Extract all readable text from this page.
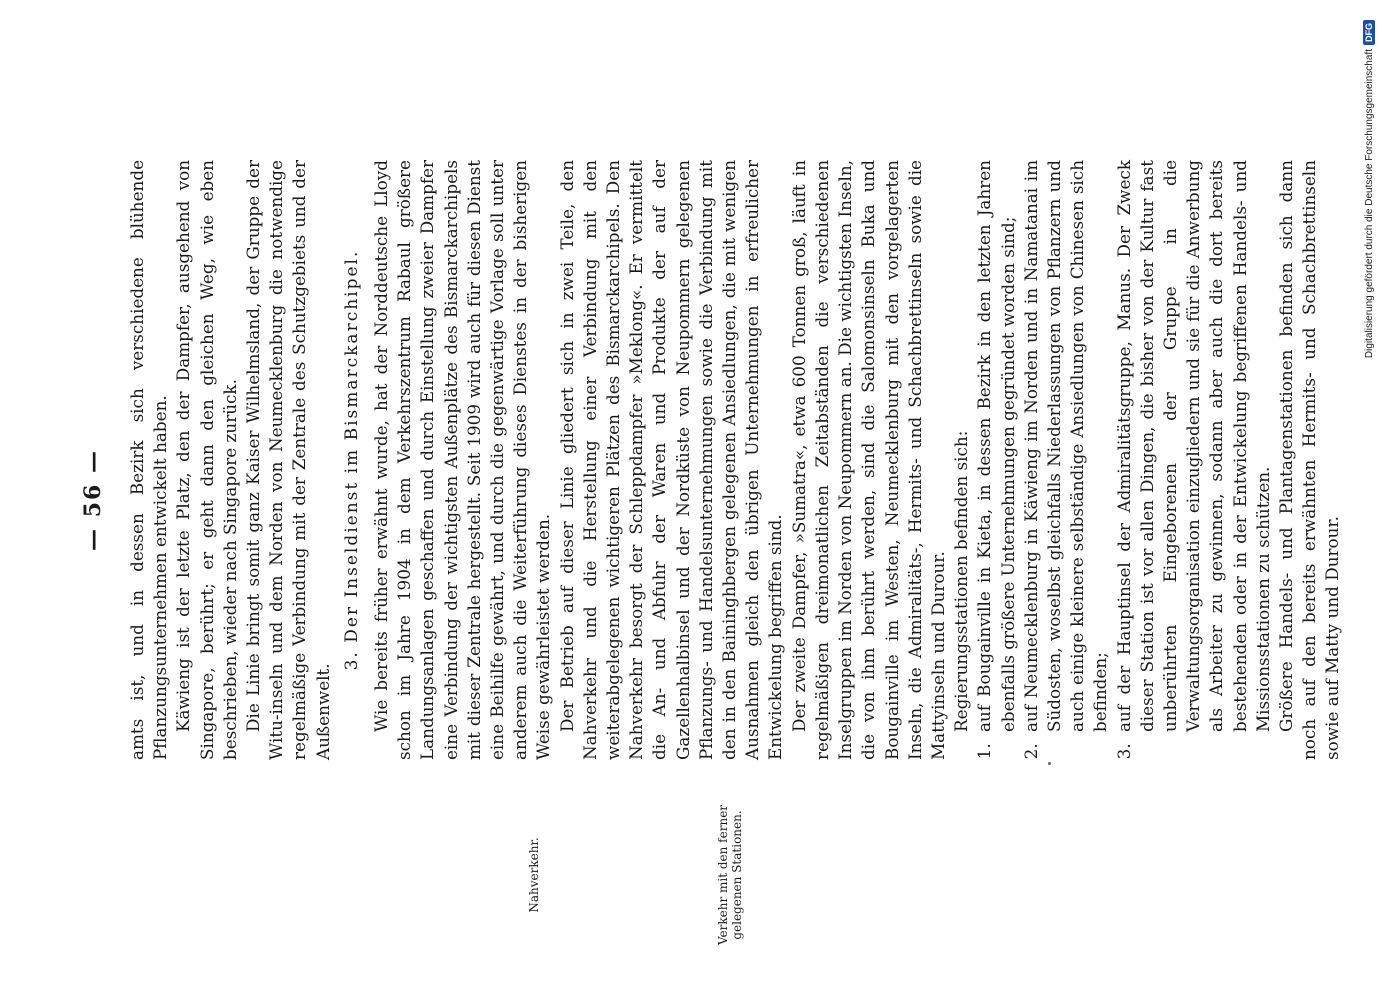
— 56 —
Nahverkehr.	Verkehr mit den ferner gelegenen Stationen.

amts ist, und in dessen Bezirk sich verschiedene blühende Pflanzungsunternehmen entwickelt haben. Käwieng ist der letzte Platz, den der Dampfer, ausgehend von Singapore, berührt; er geht dann den gleichen Weg, wie eben beschrieben, wieder nach Singapore zurück. Die Linie bringt somit ganz Kaiser Wilhelmsland, der Gruppe der Witu-inseln und dem Norden von Neumecklenburg die notwendige regelmäßige Verbindung mit der Zentrale des Schutzgebiets und der Außenwelt.

3. Der Inseldienst im Bismarckarchipel. Wie bereits früher erwähnt wurde, hat der Norddeutsche Lloyd schon im Jahre 1904 in dem Verkehrszentrum Rabaul größere Landungsanlagen geschaffen und durch Einstellung zweier Dampfer eine Verbindung der wichtigsten Außenplätze des Bismarckarchipels mit dieser Zentrale hergestellt. Seit 1909 wird auch für diesen Dienst eine Beihilfe gewährt, und durch die gegenwärtige Vorlage soll unter anderem auch die Weiterführung dieses Dienstes in der bisherigen Weise gewährleistet werden. Der Betrieb auf dieser Linie gliedert sich in zwei Teile, den Nahverkehr und die Herstellung einer Verbindung mit den weiterabgelegenen wichtigeren Plätzen des Bismarckarchipels. Den Nahverkehr besorgt der Schleppdampfer »Meklong«. Er vermittelt die An- und Abfuhr der Waren und Produkte der auf der Gazellenhalbinsel und der Nordküste von Neupommern gelegenen Pflanzungs- und Handelsunternehmungen sowie die Verbindung mit den in den Baininghbergen gelegenen Ansiedlungen, die mit wenigen Ausnahmen gleich den übrigen Unternehmungen in erfreulicher Entwickelung begriffen sind. Der zweite Dampfer, »Sumatra«, etwa 600 Tonnen groß, läuft in regelmäßigen dreimonatlichen Zeitabständen die verschiedenen Inselgruppen im Norden von Neupommern an. Die wichtigsten Inseln, die von ihm berührt werden, sind die Salomonsinseln Buka und Bougainville im Westen, Neumecklenburg mit den vorgelagerten Inseln, die Admiralitäts-, Hermits- und Schachbrettinseln sowie die Mattyinseln und Durour. Regierungsstationen befinden sich: 1. auf Bougainville in Kieta, in dessen Bezirk in den letzten Jahren ebenfalls größere Unternehmungen gegründet worden sind; 2. auf Neumecklenburg in Käwieng im Norden und in Namatanai im Südosten, woselbst gleichfalls Niederlassungen von Pflanzern und auch einige kleinere selbständige Ansiedlungen von Chinesen sich befinden; 3. auf der Hauptinsel der Admiralitätsgruppe, Manus. Der Zweck dieser Station ist vor allen Dingen, die bisher von der Kultur fast unberührten Eingeborenen der Gruppe in die Verwaltungsorganisation einzugliedern und sie für die Anwerbung als Arbeiter zu gewinnen, sodann aber auch die dort bereits bestehenden oder in der Entwickelung begriffenen Handels- und Missionsstationen zu schützen. Größere Handels- und Plantagenstationen befinden sich dann noch auf den bereits erwähnten Hermits- und Schachbrettinseln sowie auf Matty und Durour.

Digitalisierung gefördert durch die Deutsche ForschungsgemeinschaftDFG
